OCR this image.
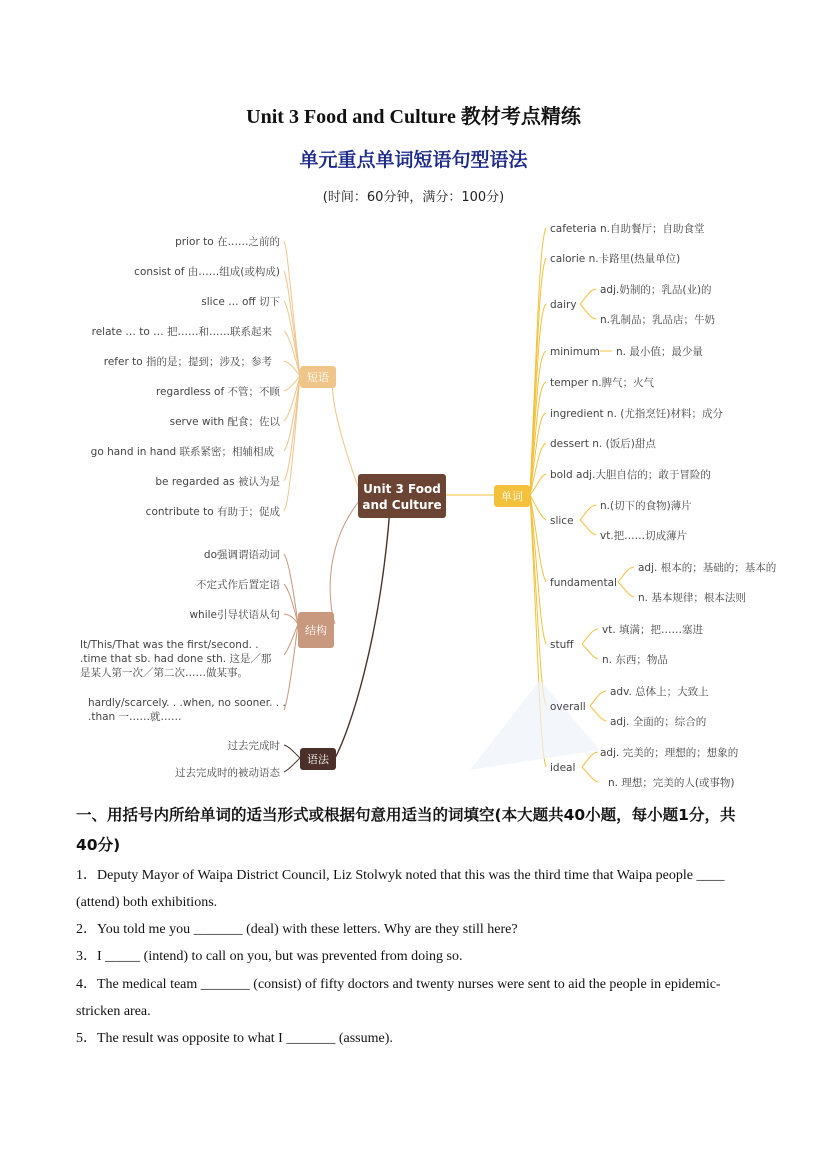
Unit 3 Food and Culture 教材考点精练
单元重点单词短语句型语法
(时间：60分钟，满分：100分)
Unit 3 Food
and Culture
短语
结构
语法
单词
prior to 在……之前的
consist of 由……组成(或构成)
slice … off 切下
relate … to … 把……和……联系起来
refer to 指的是；提到；涉及；参考
regardless of 不管；不顾
serve with 配食；佐以
go hand in hand 联系紧密；相辅相成
be regarded as 被认为是
contribute to 有助于；促成
do强调谓语动词
不定式作后置定语
while引导状语从句
It/This/That was the first/second. .
.time that sb. had done sth. 这是／那
是某人第一次／第二次……做某事。
hardly/scarcely. . .when, no sooner. . .
.than 一……就……
过去完成时
过去完成时的被动语态
cafeteria n.自助餐厅；自助食堂
calorie n.卡路里(热量单位)
dairy
adj.奶制的；乳品(业)的
n.乳制品；乳品店；牛奶
minimum n. 最小值；最少量
temper n.脾气；火气
ingredient n. (尤指烹饪)材料；成分
dessert n. (饭后)甜点
bold adj.大胆自信的；敢于冒险的
slice
n.(切下的食物)薄片
vt.把……切成薄片
fundamental
adj. 根本的；基础的；基本的
n. 基本规律；根本法则
stuff
vt. 填满；把……塞进
n. 东西；物品
overall
adv. 总体上；大致上
adj. 全面的；综合的
ideal
adj. 完美的；理想的；想象的
n. 理想；完美的人(或事物)
一、用括号内所给单词的适当形式或根据句意用适当的词填空(本大题共40小题，每小题1分，共40分)
1．Deputy Mayor of Waipa District Council, Liz Stolwyk noted that this was the third time that Waipa people ____ (attend) both exhibitions.
2．You told me you _______ (deal) with these letters. Why are they still here?
3．I _____ (intend) to call on you, but was prevented from doing so.
4．The medical team _______ (consist) of fifty doctors and twenty nurses were sent to aid the people in epidemic-stricken area.
5．The result was opposite to what I _______ (assume).
